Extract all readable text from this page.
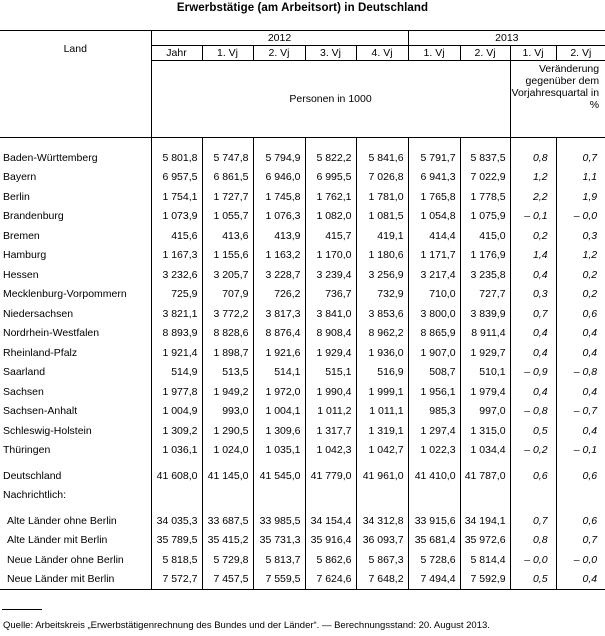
Erwerbstätige (am Arbeitsort) in Deutschland
Land	2012					2013			
	Jahr	1. Vj	2. Vj	3. Vj	4. Vj	1. Vj	2. Vj	1. Vj	2. Vj
	Personen in 1000							Veränderung gegenüber dem Vorjahresquartal in %	

Baden-Württemberg	5 801,8	5 747,8	5 794,9	5 822,2	5 841,6	5 791,7	5 837,5	0,8	0,7
Bayern	6 957,5	6 861,5	6 946,0	6 995,5	7 026,8	6 941,3	7 022,9	1,2	1,1
Berlin	1 754,1	1 727,7	1 745,8	1 762,1	1 781,0	1 765,8	1 778,5	2,2	1,9
Brandenburg	1 073,9	1 055,7	1 076,3	1 082,0	1 081,5	1 054,8	1 075,9	– 0,1	– 0,0
Bremen	415,6	413,6	413,9	415,7	419,1	414,4	415,0	0,2	0,3
Hamburg	1 167,3	1 155,6	1 163,2	1 170,0	1 180,6	1 171,7	1 176,9	1,4	1,2
Hessen	3 232,6	3 205,7	3 228,7	3 239,4	3 256,9	3 217,4	3 235,8	0,4	0,2
Mecklenburg-Vorpommern	725,9	707,9	726,2	736,7	732,9	710,0	727,7	0,3	0,2
Niedersachsen	3 821,1	3 772,2	3 817,3	3 841,0	3 853,6	3 800,0	3 839,9	0,7	0,6
Nordrhein-Westfalen	8 893,9	8 828,6	8 876,4	8 908,4	8 962,2	8 865,9	8 911,4	0,4	0,4
Rheinland-Pfalz	1 921,4	1 898,7	1 921,6	1 929,4	1 936,0	1 907,0	1 929,7	0,4	0,4
Saarland	514,9	513,5	514,1	515,1	516,9	508,7	510,1	– 0,9	– 0,8
Sachsen	1 977,8	1 949,2	1 972,0	1 990,4	1 999,1	1 956,1	1 979,4	0,4	0,4
Sachsen-Anhalt	1 004,9	993,0	1 004,1	1 011,2	1 011,1	985,3	997,0	– 0,8	– 0,7
Schleswig-Holstein	1 309,2	1 290,5	1 309,6	1 317,7	1 319,1	1 297,4	1 315,0	0,5	0,4
Thüringen	1 036,1	1 024,0	1 035,1	1 042,3	1 042,7	1 022,3	1 034,4	– 0,2	– 0,1

Deutschland	41 608,0	41 145,0	41 545,0	41 779,0	41 961,0	41 410,0	41 787,0	0,6	0,6
Nachrichtlich:									

Alte Länder ohne Berlin	34 035,3	33 687,5	33 985,5	34 154,4	34 312,8	33 915,6	34 194,1	0,7	0,6
Alte Länder mit Berlin	35 789,5	35 415,2	35 731,3	35 916,4	36 093,7	35 681,4	35 972,6	0,8	0,7
Neue Länder ohne Berlin	5 818,5	5 729,8	5 813,7	5 862,6	5 867,3	5 728,6	5 814,4	– 0,0	– 0,0
Neue Länder mit Berlin	7 572,7	7 457,5	7 559,5	7 624,6	7 648,2	7 494,4	7 592,9	0,5	0,4
Quelle: Arbeitskreis „Erwerbstätigenrechnung des Bundes und der Länder“. — Berechnungsstand: 20. August 2013.
